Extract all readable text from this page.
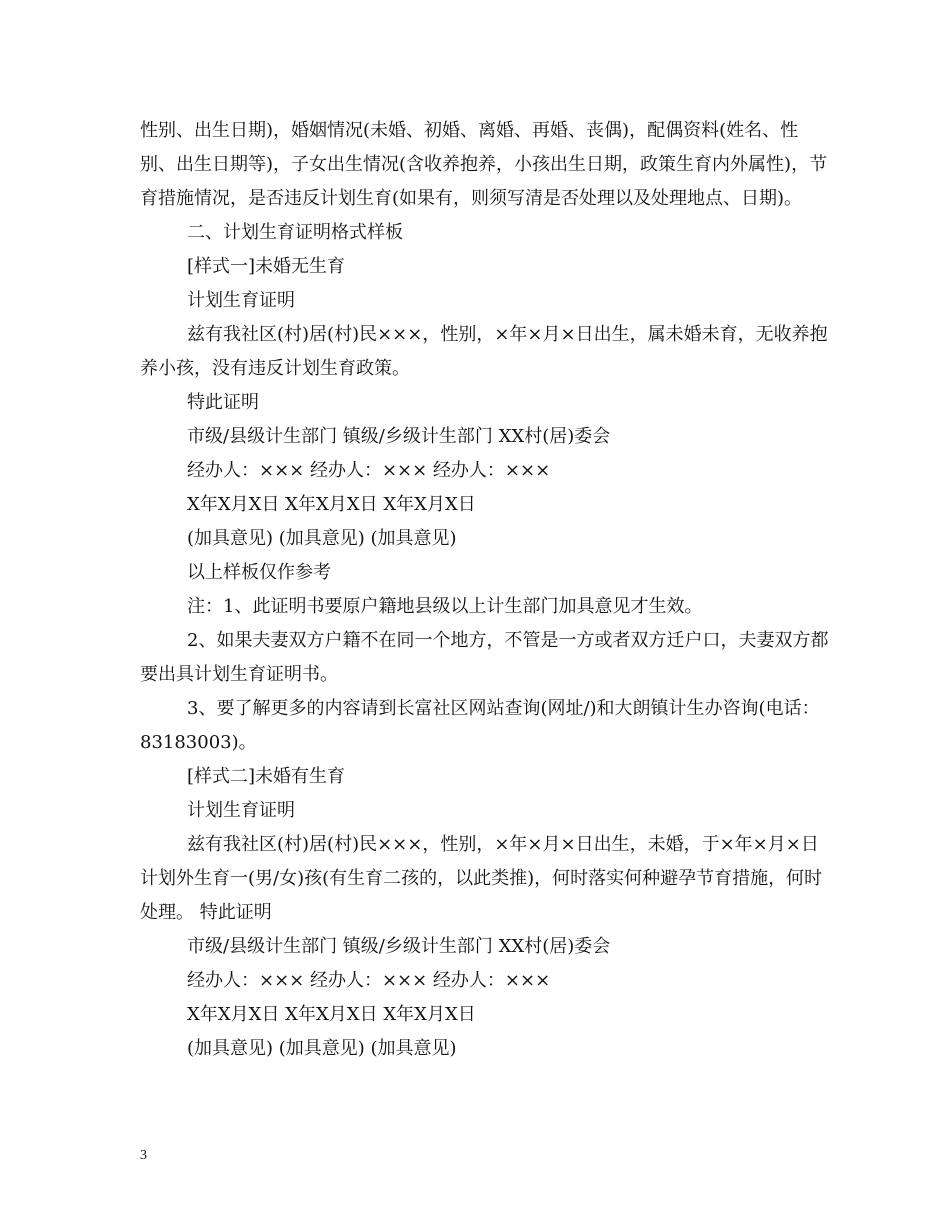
性别、出生日期)，婚姻情况(未婚、初婚、离婚、再婚、丧偶)，配偶资料(姓名、性别、出生日期等)，子女出生情况(含收养抱养，小孩出生日期，政策生育内外属性)，节育措施情况，是否违反计划生育(如果有，则须写清是否处理以及处理地点、日期)。

二、计划生育证明格式样板

[样式一]未婚无生育

计划生育证明

兹有我社区(村)居(村)民×××，性别，×年×月×日出生，属未婚未育，无收养抱养小孩，没有违反计划生育政策。

特此证明

市级/县级计生部门 镇级/乡级计生部门 XX村(居)委会

经办人：××× 经办人：××× 经办人：×××

X年X月X日 X年X月X日 X年X月X日

(加具意见) (加具意见) (加具意见)

以上样板仅作参考

注：1、此证明书要原户籍地县级以上计生部门加具意见才生效。

2、如果夫妻双方户籍不在同一个地方，不管是一方或者双方迁户口，夫妻双方都要出具计划生育证明书。

3、要了解更多的内容请到长富社区网站查询(网址/)和大朗镇计生办咨询(电话：83183003)。

[样式二]未婚有生育

计划生育证明

兹有我社区(村)居(村)民×××，性别，×年×月×日出生，未婚，于×年×月×日计划外生育一(男/女)孩(有生育二孩的，以此类推)，何时落实何种避孕节育措施，何时处理。 特此证明

市级/县级计生部门 镇级/乡级计生部门 XX村(居)委会

经办人：××× 经办人：××× 经办人：×××

X年X月X日 X年X月X日 X年X月X日

(加具意见) (加具意见) (加具意见)

3
